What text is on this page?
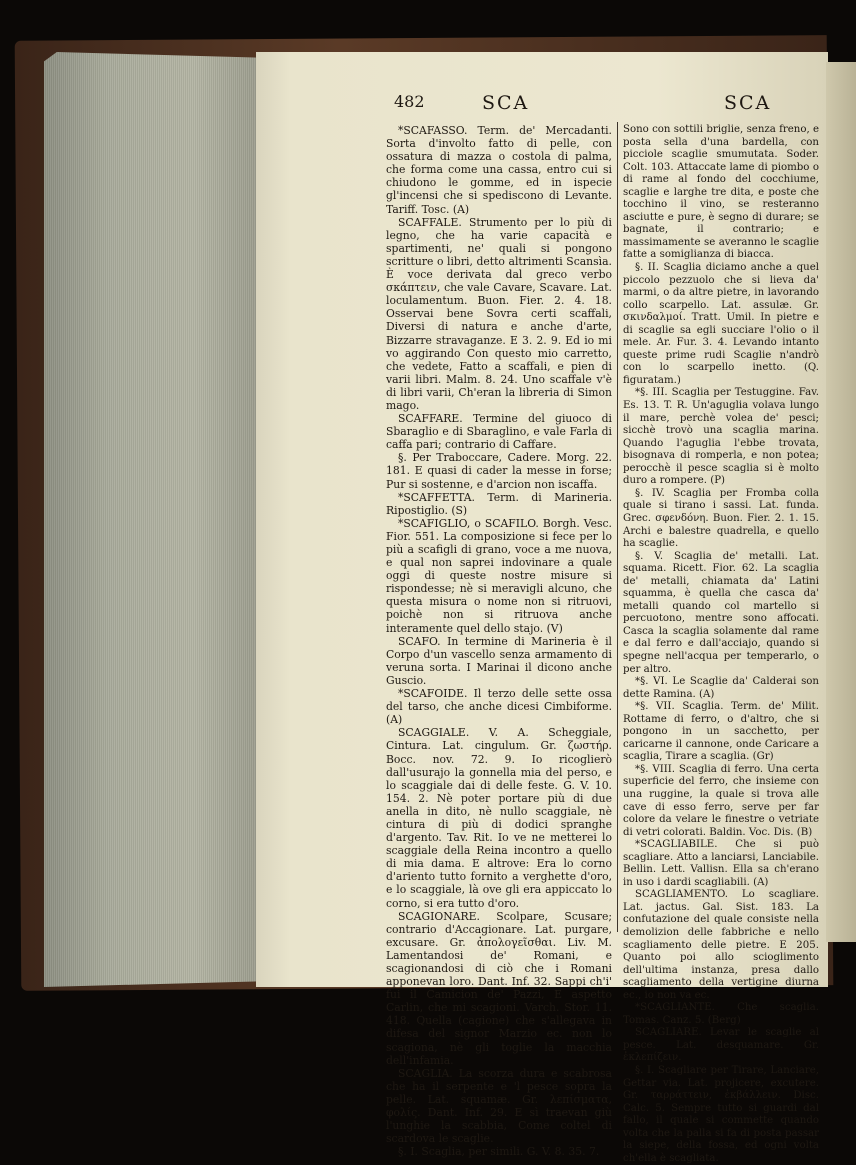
482	SCA	SCA

*SCAFASSO. Term. de' Mercadanti. Sorta d'involto fatto di pelle, con ossatura di mazza o costola di palma, che forma come una cassa, entro cui si chiudono le gomme, ed in ispecie gl'incensi che si spediscono di Levante. Tariff. Tosc. (A)

SCAFFALE. Strumento per lo più di legno, che ha varie capacità e spartimenti, ne' quali si pongono scritture o libri, detto altrimenti Scansìa. È voce derivata dal greco verbo σκάπτειν, che vale Cavare, Scavare. Lat. loculamentum. Buon. Fier. 2. 4. 18. Osservai bene Sovra certi scaffali, Diversi di natura e anche d'arte, Bizzarre stravaganze. E 3. 2. 9. Ed io mi vo aggirando Con questo mio carretto, che vedete, Fatto a scaffali, e pien di varii libri. Malm. 8. 24. Uno scaffale v'è di libri varii, Ch'eran la libreria di Simon mago.

SCAFFARE. Termine del giuoco di Sbaraglio e di Sbaraglino, e vale Farla di caffa pari; contrario di Caffare.

§. Per Traboccare, Cadere. Morg. 22. 181. E quasi di cader la messe in forse; Pur si sostenne, e d'arcion non iscaffa.

*SCAFFETTA. Term. di Marineria. Ripostiglio. (S)

*SCAFIGLIO, o SCAFILO. Borgh. Vesc. Fior. 551. La composizione si fece per lo più a scafigli di grano, voce a me nuova, e qual non saprei indovinare a quale oggi di queste nostre misure si rispondesse; nè si meravigli alcuno, che questa misura o nome non si ritruovi, poichè non si ritruova anche interamente quel dello stajo. (V)

SCAFO. In termine di Marineria è il Corpo d'un vascello senza armamento di veruna sorta. I Marinai il dicono anche Guscio.

*SCAFOIDE. Il terzo delle sette ossa del tarso, che anche dicesi Cimbiforme. (A)

SCAGGIALE. V. A. Scheggiale, Cintura. Lat. cingulum. Gr. ζωστήρ. Bocc. nov. 72. 9. Io ricoglierò dall'usurajo la gonnella mia del perso, e lo scaggiale dai di delle feste. G. V. 10. 154. 2. Nè poter portare più di due anella in dito, nè nullo scaggiale, nè cintura di più di dodici spranghe d'argento. Tav. Rit. Io ve ne metterei lo scaggiale della Reina incontro a quello di mia dama. E altrove: Era lo corno d'ariento tutto fornito a verghette d'oro, e lo scaggiale, là ove gli era appiccato lo corno, si era tutto d'oro.

SCAGIONARE. Scolpare, Scusare; contrario d'Accagionare. Lat. purgare, excusare. Gr. ἀπολογεῖσθαι. Liv. M. Lamentandosi de' Romani, e scagionandosi di ciò che i Romani apponevan loro. Dant. Inf. 32. Sappi ch'i' fui il Camicion de' Pazzi, E aspetto Carlin, che mi scagioni. Varch. Stor. 11. 418. Quella (cagione) che s'allegava in difesa del signor Marzio ec. non lo scagiona, nè gli toglie la macchia dell'infamia.

SCAGLIA. La scorza dura e scabrosa che ha il serpente e 'l pesce sopra la pelle. Lat. squamæ. Gr. λεπίσματα, φολίς. Dant. Inf. 29. E sì traevan giù l'unghie la scabbia, Come coltel di scardova le scaglie.

§. I. Scaglia, per simili. G. V. 8. 35. 7.

Sono con sottili briglie, senza freno, e posta sella d'una bardella, con picciole scaglie smumutata. Soder. Colt. 103. Attaccate lame di piombo o di rame al fondo del cocchiume, scaglie e larghe tre dita, e poste che tocchino il vino, se resteranno asciutte e pure, è segno di durare; se bagnate, il contrario; e massimamente se averanno le scaglie fatte a somiglianza di biacca.

§. II. Scaglia diciamo anche a quel piccolo pezzuolo che si lieva da' marmi, o da altre pietre, in lavorando collo scarpello. Lat. assulæ. Gr. σκινδαλμοί. Tratt. Umil. In pietre e di scaglie sa egli succiare l'olio o il mele. Ar. Fur. 3. 4. Levando intanto queste prime rudi Scaglie n'andrò con lo scarpello inetto. (Q. figuratam.)

*§. III. Scaglia per Testuggine. Fav. Es. 13. T. R. Un'aguglia volava lungo il mare, perchè volea de' pesci; sicchè trovò una scaglia marina. Quando l'aguglia l'ebbe trovata, bisognava di romperla, e non potea; perocchè il pesce scaglia si è molto duro a rompere. (P)

§. IV. Scaglia per Fromba colla quale si tirano i sassi. Lat. funda. Grec. σφενδόνη. Buon. Fier. 2. 1. 15. Archi e balestre quadrella, e quello ha scaglie.

§. V. Scaglia de' metalli. Lat. squama. Ricett. Fior. 62. La scaglia de' metalli, chiamata da' Latini squamma, è quella che casca da' metalli quando col martello si percuotono, mentre sono affocati. Casca la scaglia solamente dal rame e dal ferro e dall'acciajo, quando si spegne nell'acqua per temperarlo, o per altro.

*§. VI. Le Scaglie da' Calderai son dette Ramina. (A)

*§. VII. Scaglia. Term. de' Milit. Rottame di ferro, o d'altro, che si pongono in un sacchetto, per caricarne il cannone, onde Caricare a scaglia, Tirare a scaglia. (Gr)

*§. VIII. Scaglia di ferro. Una certa superficie del ferro, che insieme con una ruggine, la quale si trova alle cave di esso ferro, serve per far colore da velare le finestre o vetriate di vetri colorati. Baldin. Voc. Dis. (B)

*SCAGLIABILE. Che si può scagliare. Atto a lanciarsi, Lanciabile. Bellin. Lett. Vallisn. Ella sa ch'erano in uso i dardi scagliabili. (A)

SCAGLIAMENTO. Lo scagliare. Lat. jactus. Gal. Sist. 183. La confutazione del quale consiste nella demolizion delle fabbriche e nello scagliamento delle pietre. E 205. Quanto poi allo scioglimento dell'ultima instanza, presa dallo scagliamento della vertigine diurna ec., io non va ec.

*SCAGLIANTE. Che scaglia. Tomas. Canz. 5. (Berg)

SCAGLIARE. Levar le scaglie al pesce. Lat. desquamare. Gr. ἐκλεπίζειν.

§. I. Scagliare per Tirare, Lanciare, Gettar via. Lat. projicere, excutere. Gr. ταρράττειν, ἐκβάλλειν. Disc. Calc. 5. Sempre tutto si guardi dal fallo, il quale si commette quando volta che la palla si fa di posta passar la siepe, della fossa, ed ogni volta ch'ella è scagliata.
